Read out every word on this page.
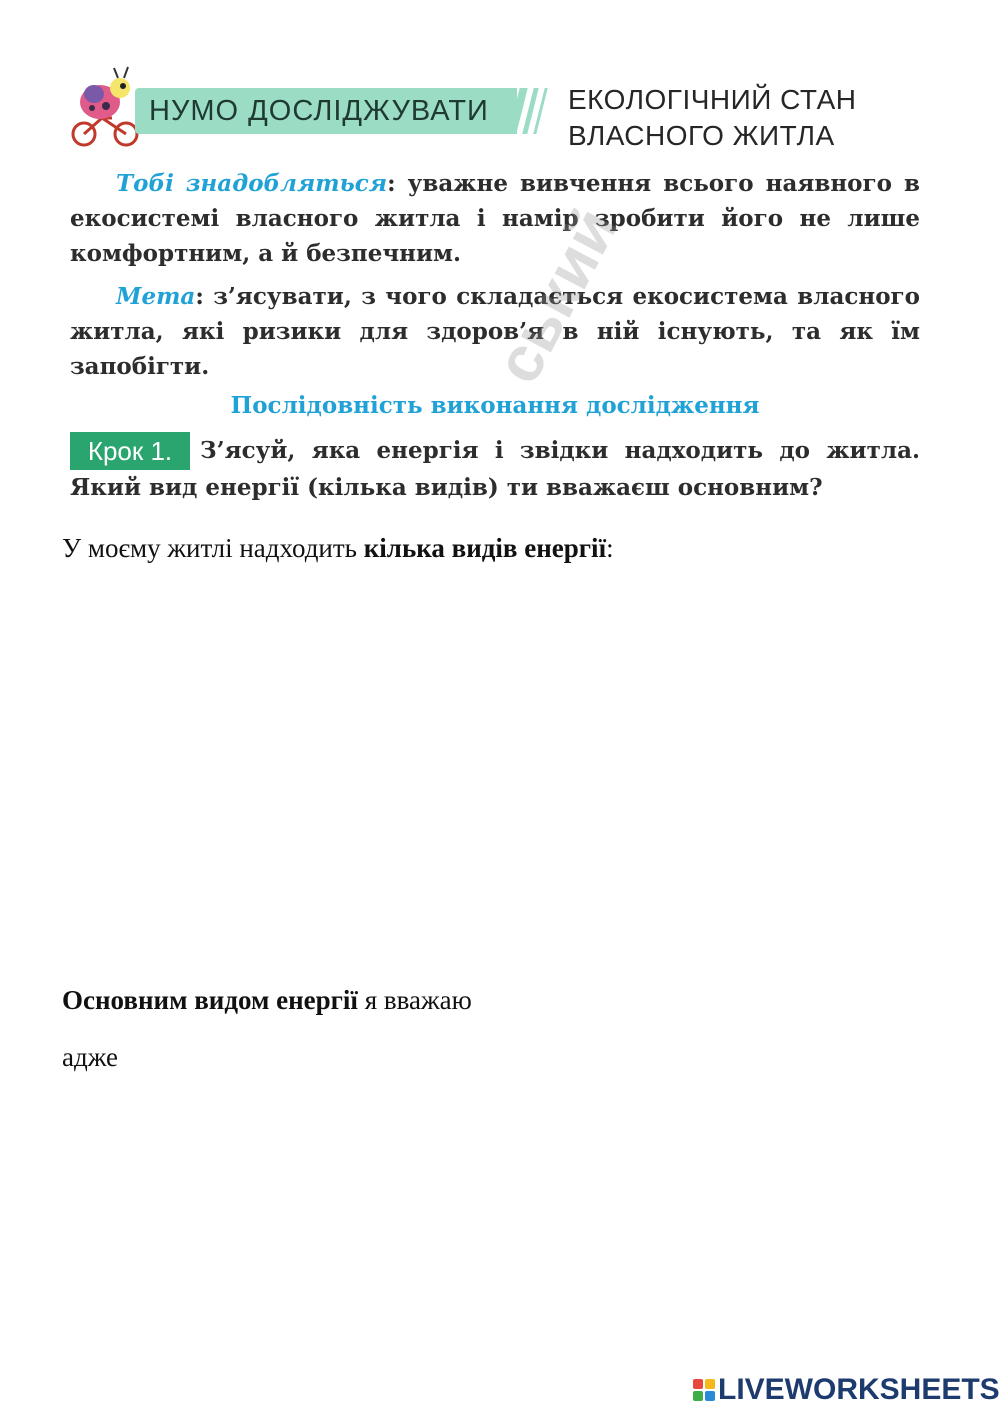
НУМО ДОСЛІДЖУВАТИ	ЕКОЛОГІЧНИЙ СТАН
ВЛАСНОГО ЖИТЛА
Тобі знадобляться: уважне вивчення всього наявного в екосистемі власного житла і намір зробити його не лише комфортним, а й безпечним.
Мета: з’ясувати, з чого складається екосистема власного житла, які ризики для здоров’я в ній існують, та як їм запобігти.	ський
Послідовність виконання дослідження
З’ясуй, яка енергія і звідки надходить до житла. Який вид енергії (кілька видів) ти вважаєш основним?
Крок 1.
У моєму житлі надходить кілька видів енергії:
Основним видом енергії я вважаю
адже
LIVEWORKSHEETS
